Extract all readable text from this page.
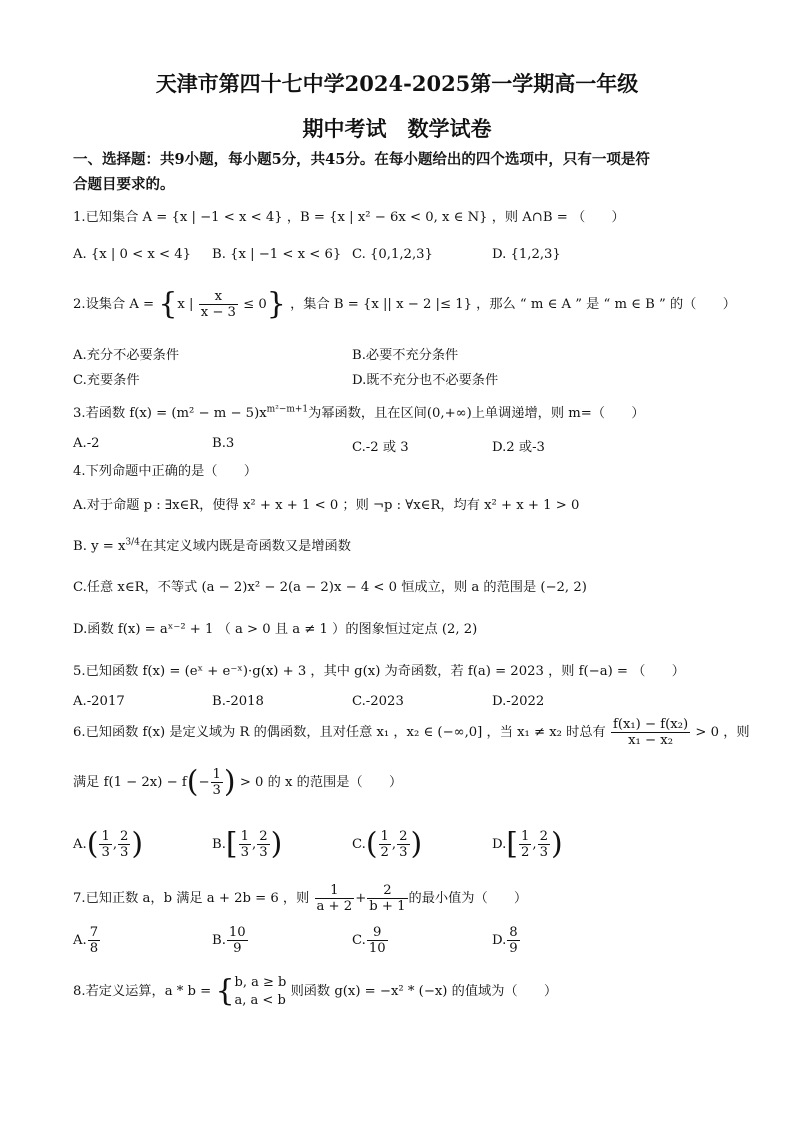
天津市第四十七中学2024-2025第一学期高一年级
期中考试　数学试卷
一、选择题：共9小题，每小题5分，共45分。在每小题给出的四个选项中，只有一项是符
合题目要求的。
1.已知集合 A = {x | −1 < x < 4} ，B = {x | x² − 6x < 0, x ∈ N} ，则 A∩B = （　　）
A. {x | 0 < x < 4} B. {x | −1 < x < 6} C. {0,1,2,3}	D. {1,2,3}
2.设集合 A = {x | $\frac{x}{x - 3} \le 0$} ，集合 B = {x || x − 2 |≤ 1} ，那么 “ m ∈ A ” 是 “ m ∈ B ” 的（　　）
A.充分不必要条件	B.必要不充分条件
C.充要条件	D.既不充分也不必要条件
3.若函数 $f(x) = (m^2 - m - 5)x^{m^2-m+1}$为幂函数，且在区间(0,+∞)上单调递增，则 m=（　　）
A.-2	B.3	C.-2 或 3	D.2 或-3
4.下列命题中正确的是（　　）
A.对于命题 p : ∃x∈R，使得 x² + x + 1 < 0 ；则 ¬p : ∀x∈R，均有 x² + x + 1 > 0
B. $y = x^{3/4}$在其定义域内既是奇函数又是增函数
C.任意 x∈R，不等式 (a − 2)x² − 2(a − 2)x − 4 < 0 恒成立，则 a 的范围是 (−2, 2)
D.函数 f(x) = aˣ⁻² + 1 （ a > 0 且 a ≠ 1 ）的图象恒过定点 (2, 2)
5.已知函数 f(x) = (eˣ + e⁻ˣ)·g(x) + 3 ，其中 g(x) 为奇函数，若 f(a) = 2023 ，则 f(−a) = （　　）
A.-2017	B.-2018	C.-2023	D.-2022
6.已知函数 f(x) 是定义域为 R 的偶函数，且对任意 x₁ ，x₂ ∈ (−∞,0] ，当 x₁ ≠ x₂ 时总有 $\frac{\text{f(x₁) − f(x₂)}}{\text{x₁ − x₂}} > 0$ ，则
满足 $f(1 - 2x) - f(- \frac{1}{3}$ ) > 0 的 x 的范围是（　　）
$A.( \frac{1}{3}$ , $\frac{2}{3}$ )	$B.[ \frac{1}{3}$ , $\frac{2}{3}$ )	$C.( \frac{1}{2}$ , $\frac{2}{3}$ )	$D.[ \frac{1}{2}$ , $\frac{2}{3}$ )
7.已知正数 a，b 满足 a + 2b = 6 ，则 $\frac{1}{a + 2} + \frac{2}{b + 1}$ 的最小值为（　　）
A. $\frac{7}{8}$	B. $\frac{10}{9}$	C. $\frac{9}{10}$	D. $\frac{8}{9}$
8.若定义运算，a * b = { b, a ≥ b
a, a < b
则函数 g(x) = −x² * (−x) 的值域为（　　）
